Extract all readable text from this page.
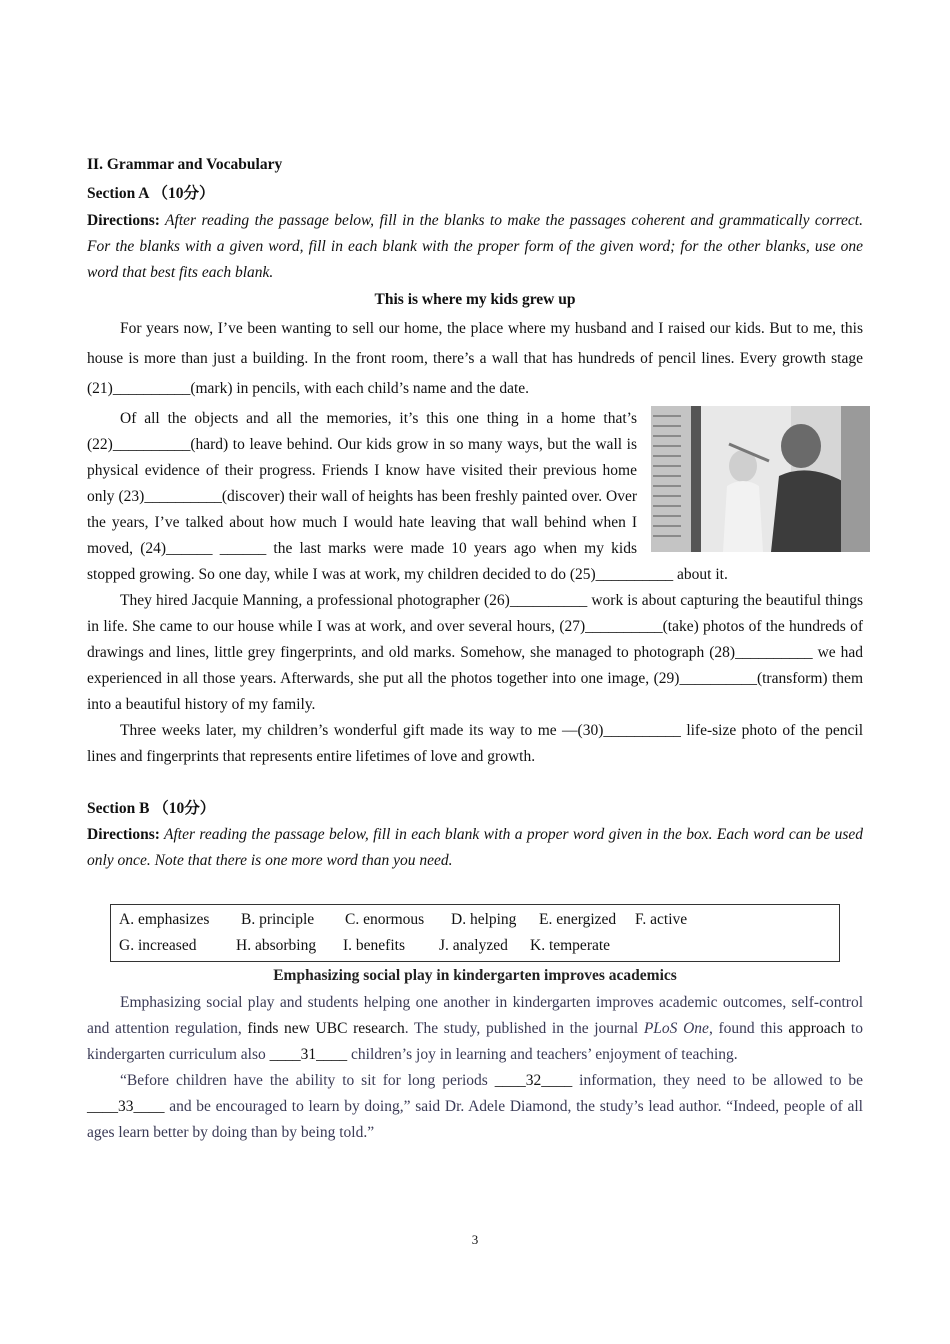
II. Grammar and Vocabulary
Section A （10分）

Directions: After reading the passage below, fill in the blanks to make the passages coherent and grammatically correct. For the blanks with a given word, fill in each blank with the proper form of the given word; for the other blanks, use one word that best fits each blank.

This is where my kids grew up

For years now, I’ve been wanting to sell our home, the place where my husband and I raised our kids. But to me, this house is more than just a building. In the front room, there’s a wall that has hundreds of pencil lines. Every growth stage (21)__________(mark) in pencils, with each child’s name and the date.

Of all the objects and all the memories, it’s this one thing in a home that’s (22)__________(hard) to leave behind. Our kids grow in so many ways, but the wall is physical evidence of their progress. Friends I know have visited their previous home only (23)__________(discover) their wall of heights has been freshly painted over. Over the years, I’ve talked about how much I would hate leaving that wall behind when I moved, (24)______ ______ the last marks were made 10 years ago when my kids stopped growing. So one day, while I was at work, my children decided to do (25)__________ about it.

They hired Jacquie Manning, a professional photographer (26)__________ work is about capturing the beautiful things in life. She came to our house while I was at work, and over several hours, (27)__________(take) photos of the hundreds of drawings and lines, little grey fingerprints, and old marks. Somehow, she managed to photograph (28)__________ we had experienced in all those years. Afterwards, she put all the photos together into one image, (29)__________(transform) them into a beautiful history of my family.

Three weeks later, my children’s wonderful gift made its way to me —(30)__________ life-size photo of the pencil lines and fingerprints that represents entire lifetimes of love and growth.

Section B （10分）

Directions: After reading the passage below, fill in each blank with a proper word given in the box. Each word can be used only once. Note that there is one more word than you need.

A. emphasizes	B. principle	C. enormous	D. helping	E. energized	F. active
G. increased	H. absorbing	I. benefits	J. analyzed	K. temperate
Emphasizing social play in kindergarten improves academics

Emphasizing social play and students helping one another in kindergarten improves academic outcomes, self-control and attention regulation, finds new UBC research. The study, published in the journal PLoS One, found this approach to kindergarten curriculum also ____31____ children’s joy in learning and teachers’ enjoyment of teaching.

“Before children have the ability to sit for long periods ____32____ information, they need to be allowed to be ____33____ and be encouraged to learn by doing,” said Dr. Adele Diamond, the study’s lead author. “Indeed, people of all ages learn better by doing than by being told.”

3
